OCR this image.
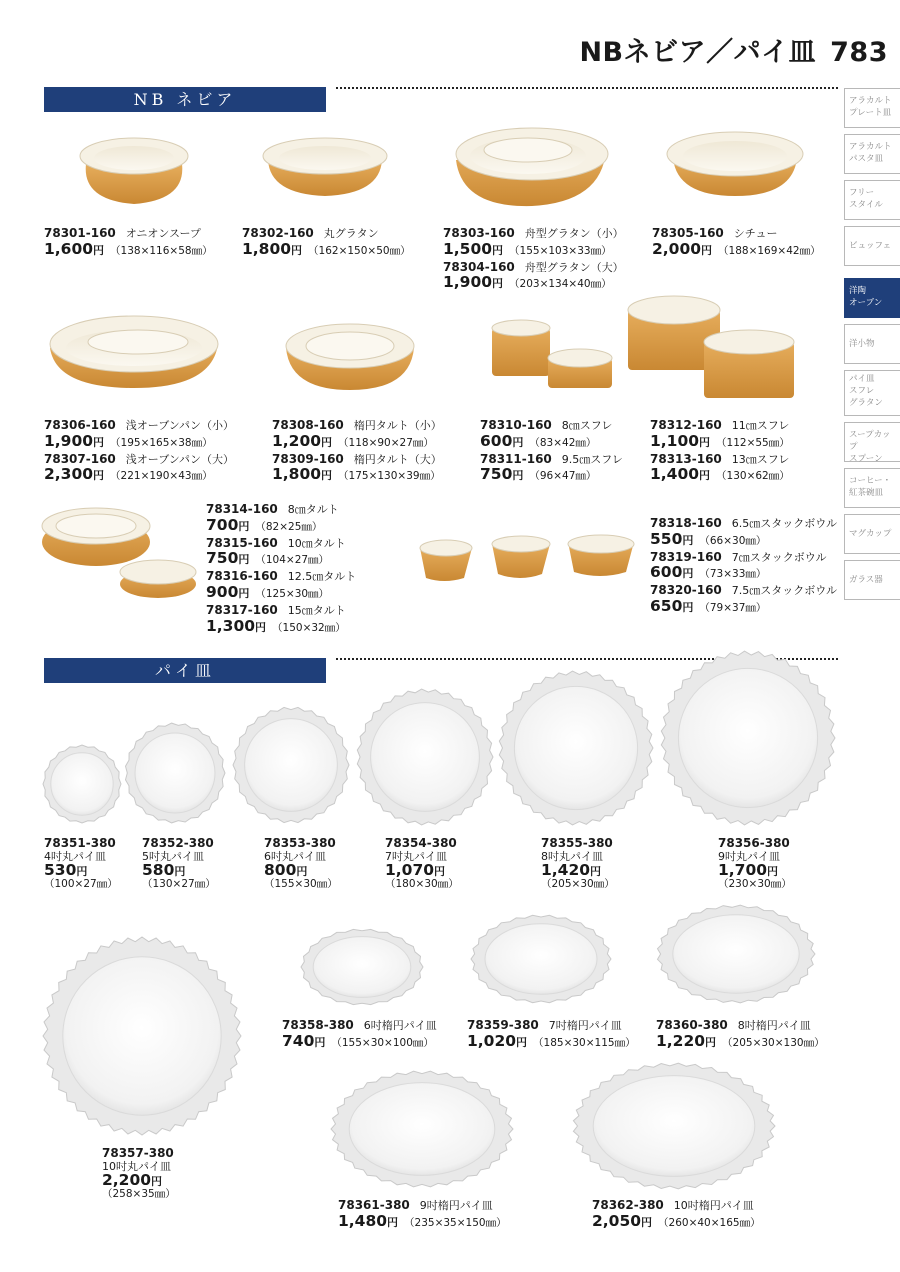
NBネビア／パイ皿 783
NB ネビア
パイ皿
アラカルト
プレート皿
アラカルト
パスタ皿
フリー
スタイル
ビュッフェ
洋陶
オーブン
洋小物
パイ皿
スフレ
グラタン
スープカップ
スプーン
コーヒー・
紅茶碗皿
マグカップ
ガラス器
78301-160 オニオンスープ
1,600円 （138×116×58㎜）
78302-160 丸グラタン
1,800円 （162×150×50㎜）
78303-160 舟型グラタン（小）
1,500円 （155×103×33㎜）
78304-160 舟型グラタン（大）
1,900円 （203×134×40㎜）
78305-160 シチュー
2,000円 （188×169×42㎜）
78306-160 浅オーブンパン（小）
1,900円 （195×165×38㎜）
78307-160 浅オーブンパン（大）
2,300円 （221×190×43㎜）
78308-160 楕円タルト（小）
1,200円 （118×90×27㎜）
78309-160 楕円タルト（大）
1,800円 （175×130×39㎜）
78310-160 8㎝スフレ
600円 （83×42㎜）
78311-160 9.5㎝スフレ
750円 （96×47㎜）
78312-160 11㎝スフレ
1,100円 （112×55㎜）
78313-160 13㎝スフレ
1,400円 （130×62㎜）
78314-160 8㎝タルト
700円 （82×25㎜）
78315-160 10㎝タルト
750円 （104×27㎜）
78316-160 12.5㎝タルト
900円 （125×30㎜）
78317-160 15㎝タルト
1,300円 （150×32㎜）
78318-160 6.5㎝スタックボウル
550円 （66×30㎜）
78319-160 7㎝スタックボウル
600円 （73×33㎜）
78320-160 7.5㎝スタックボウル
650円 （79×37㎜）
78351-380
4吋丸パイ皿
530円
（100×27㎜）
78352-380
5吋丸パイ皿
580円
（130×27㎜）
78353-380
6吋丸パイ皿
800円
（155×30㎜）
78354-380
7吋丸パイ皿
1,070円
（180×30㎜）
78355-380
8吋丸パイ皿
1,420円
（205×30㎜）
78356-380
9吋丸パイ皿
1,700円
（230×30㎜）
78357-380
10吋丸パイ皿
2,200円
（258×35㎜）
78358-380 6吋楕円パイ皿
740円 （155×30×100㎜）
78359-380 7吋楕円パイ皿
1,020円 （185×30×115㎜）
78360-380 8吋楕円パイ皿
1,220円 （205×30×130㎜）
78361-380 9吋楕円パイ皿
1,480円 （235×35×150㎜）
78362-380 10吋楕円パイ皿
2,050円 （260×40×165㎜）
